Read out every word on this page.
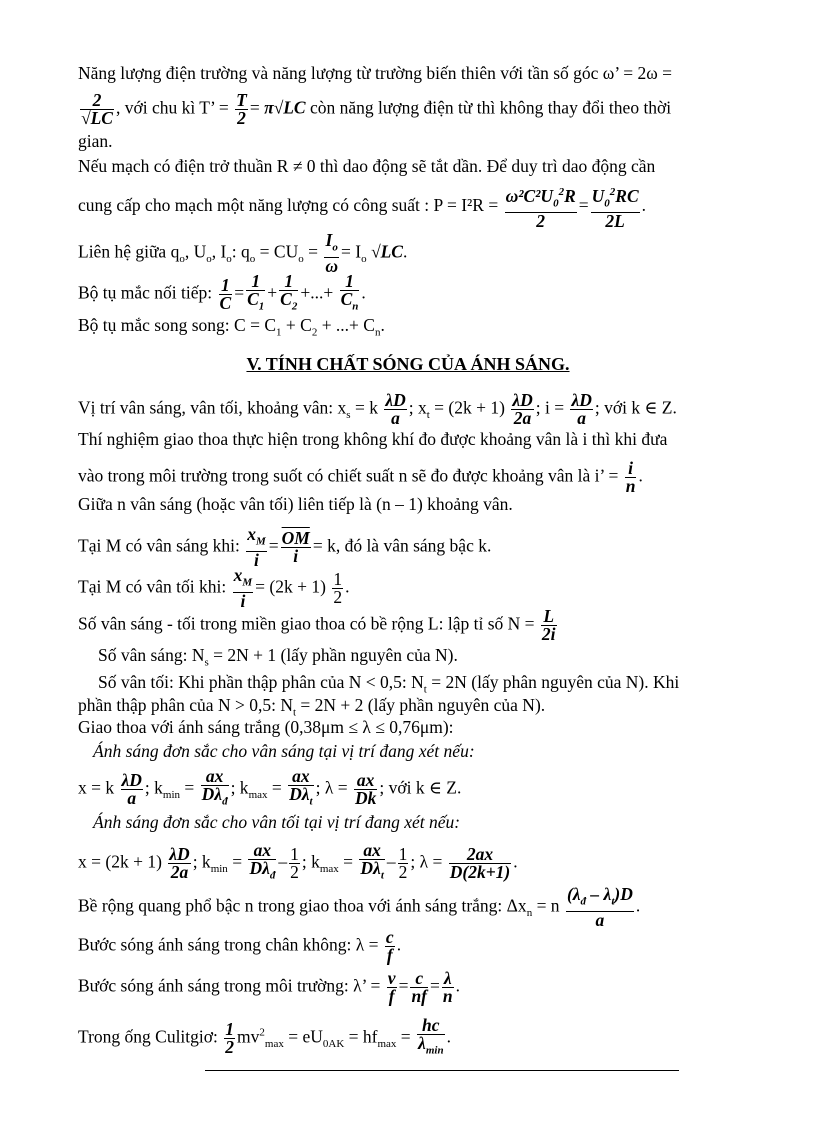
Năng lượng điện trường và năng lượng từ trường biến thiên với tần số góc ω’ = 2ω =
$\frac{2}{√LC}$ , với chu kì T’ = $\frac{T}{2} = \pi√LC$ còn năng lượng điện từ thì không thay đổi theo thời
gian.
Nếu mạch có điện trở thuần R ≠ 0 thì dao động sẽ tắt dần. Để duy trì dao động cần
cung cấp cho mạch một năng lượng có công suất : $P = I^2R = \frac{\omega^2C^2U_0^2R}{2} = \frac{U_0^2RC}{2L}$ .
Liên hệ giữa $q_o$, $U_o$, $I_o$: $q_o = CU_o = \frac{I_o}{\omega} = I_o$ √LC.
Bộ tụ mắc nối tiếp: $\frac{1}{C} = \frac{1}{C_1} + \frac{1}{C_2}$ +...+ $\frac{1}{C_n}$ .
Bộ tụ mắc song song: $C = C_1 + C_2$ + ...+ $C_n$.
V. TÍNH CHẤT SÓNG CỦA ÁNH SÁNG.
Vị trí vân sáng, vân tối, khoảng vân: $x_s = k \frac{\lambda D}{a}$ ; $x_t = (2k + 1) \frac{\lambda D}{2a}$ ; $i = \frac{\lambda D}{a}$ ; với k ∈ Z.
Thí nghiệm giao thoa thực hiện trong không khí đo được khoảng vân là i thì khi đưa
vào trong môi trường trong suốt có chiết suất n sẽ đo được khoảng vân là i’ = $\frac{i}{n}$ .
Giữa n vân sáng (hoặc vân tối) liên tiếp là (n – 1) khoảng vân.
Tại M có vân sáng khi: $\frac{x_M}{i} = \frac{\overline{OM}}{i} = k$, đó là vân sáng bậc k.
Tại M có vân tối khi: $\frac{x_M}{i} = (2k + 1) \frac{1}{2}$ .
Số vân sáng - tối trong miền giao thoa có bề rộng L: lập tỉ số $N = \frac{L}{2i}$
Số vân sáng: $N_s = 2N + 1$ (lấy phần nguyên của N).
Số vân tối: Khi phần thập phân của N < 0,5: $N_t = 2N$ (lấy phân nguyên của N). Khi
phần thập phân của N > 0,5: $N_t = 2N + 2$ (lấy phần nguyên của N).
Giao thoa với ánh sáng trắng (0,38μm ≤ λ ≤ 0,76μm):
Ánh sáng đơn sắc cho vân sáng tại vị trí đang xét nếu:
x = k $\frac{\lambda D}{a}$ ; $k_{min}$ =
ax
$D\lambda_đ$
; $k_{max}$ =
ax
$D\lambda_t$
; $\lambda = \frac{ax}{Dk}$ ; với k ∈ Z.
Ánh sáng đơn sắc cho vân tối tại vị trí đang xét nếu:
$x = (2k + 1) \frac{\lambda D}{2a}$ ; $k_{min}$ =
ax
$D\lambda_đ$
– $\frac{1}{2}$ ; $k_{max}$ =
ax
$D\lambda_t$
– $\frac{1}{2}$ ; $\lambda = \frac{2ax}{D(2k+1)}$ .
Bề rộng quang phổ bậc n trong giao thoa với ánh sáng trắng: $\Delta x_n = n \frac{(\lambda_đ - \lambda_t)D}{a}$ .
Bước sóng ánh sáng trong chân không: $\lambda = \frac{c}{f}$ .
Bước sóng ánh sáng trong môi trường: λ’ = $\frac{v}{f} = \frac{c}{nf} = \frac{\lambda}{n}$ .
Trong ống Culitgiơ: $\frac{1}{2} mv^2_{max} = eU_{0AK} = hf_{max}$ =
hc
$\lambda_{min}$
.
